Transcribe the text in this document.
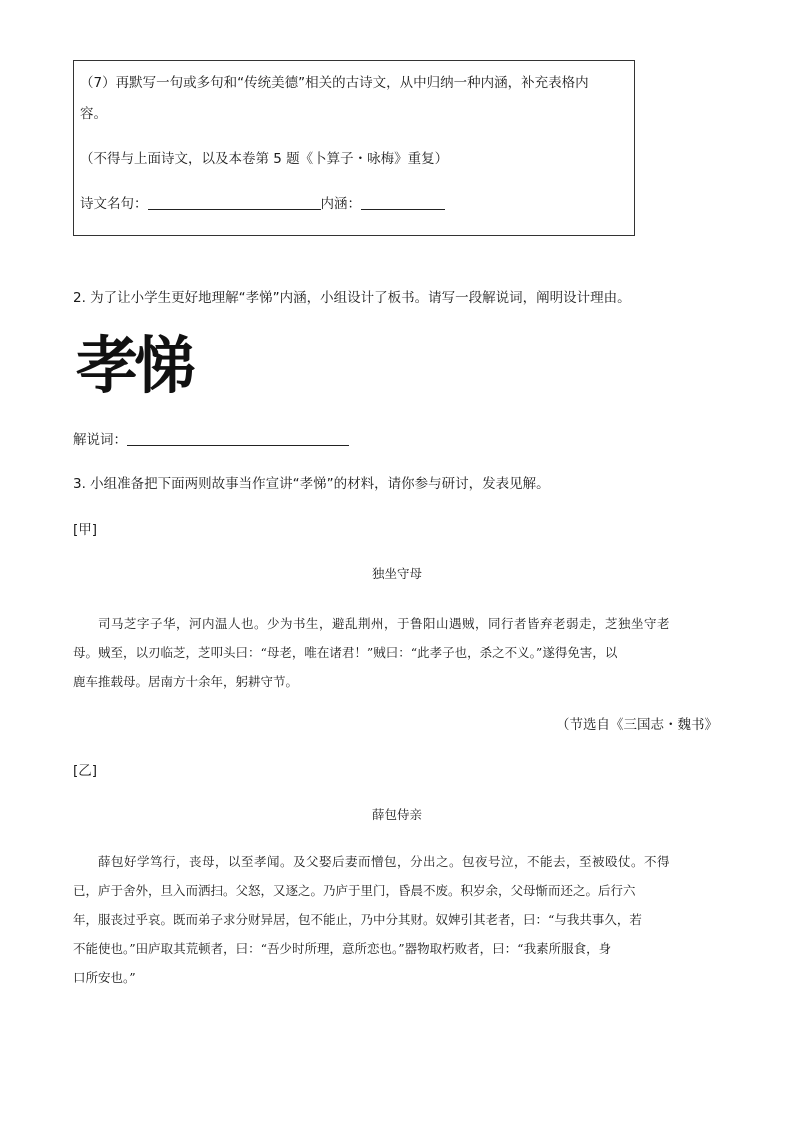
（7）再默写一句或多句和“传统美德”相关的古诗文，从中归纳一种内涵，补充表格内
容。
（不得与上面诗文，以及本卷第 5 题《卜算子・咏梅》重复）
诗文名句：	内涵：
2. 为了让小学生更好地理解“孝悌”内涵，小组设计了板书。请写一段解说词，阐明设计理由。
孝悌
解说词：
3. 小组准备把下面两则故事当作宣讲“孝悌”的材料，请你参与研讨，发表见解。
[甲]
独坐守母
司马芝字子华，河内温人也。少为书生，避乱荆州，于鲁阳山遇贼，同行者皆弃老弱走，芝独坐守老
母。贼至，以刃临芝，芝叩头曰：“母老，唯在诸君！”贼曰：“此孝子也，杀之不义。”遂得免害，以
鹿车推载母。居南方十余年，躬耕守节。
（节选自《三国志・魏书》
[乙]
薛包侍亲
薛包好学笃行，丧母，以至孝闻。及父娶后妻而憎包，分出之。包夜号泣，不能去，至被殴仗。不得
已，庐于舍外，旦入而洒扫。父怒，又逐之。乃庐于里门，昏晨不废。积岁余，父母惭而还之。后行六
年，服丧过乎哀。既而弟子求分财异居，包不能止，乃中分其财。奴婢引其老者，曰：“与我共事久，若
不能使也。”田庐取其荒顿者，曰：“吾少时所理，意所恋也。”器物取朽败者，曰：“我素所服食，身
口所安也。”
